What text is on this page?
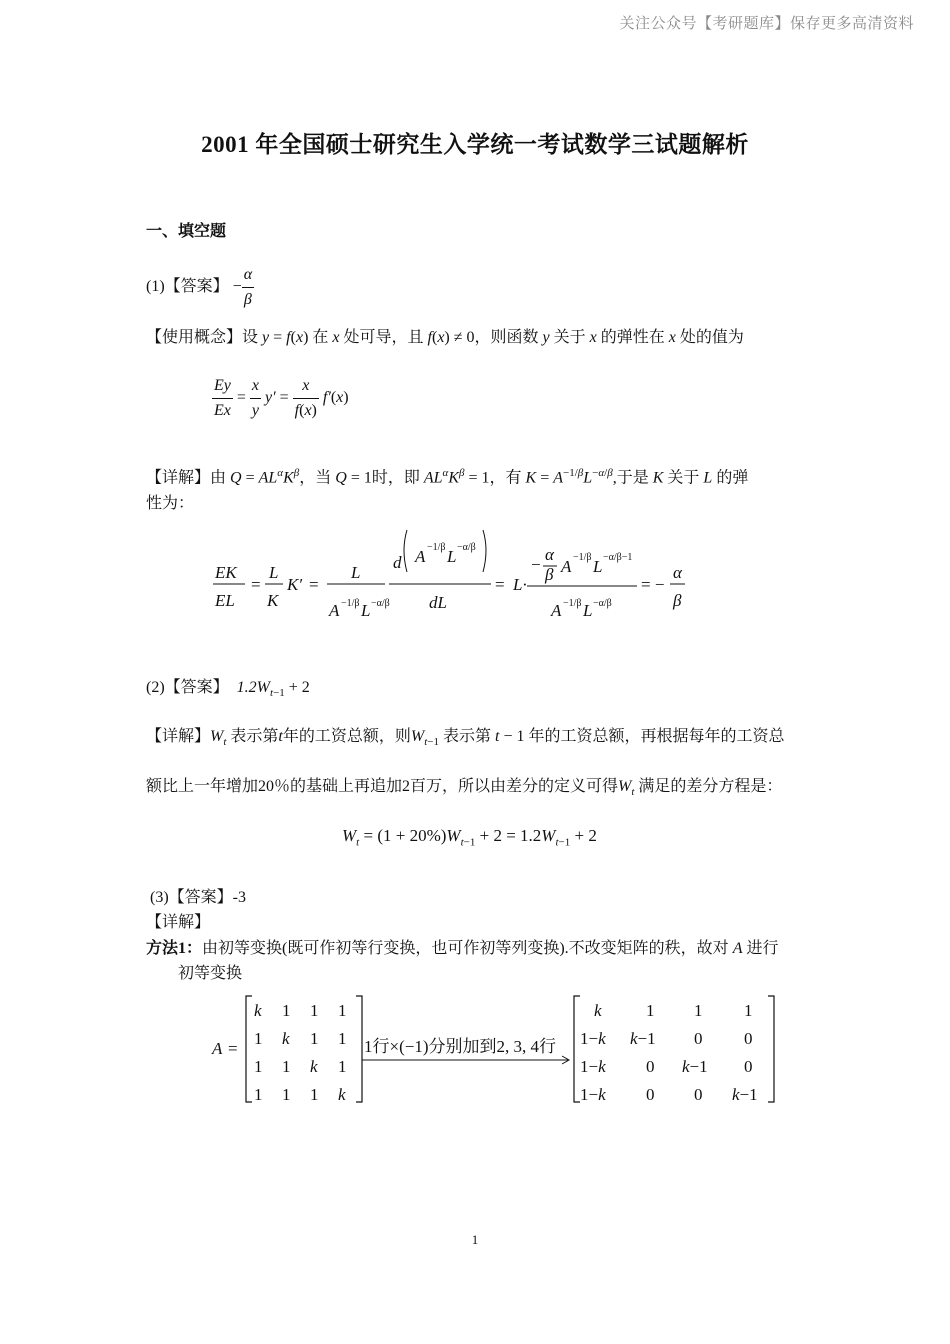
关注公众号【考研题库】保存更多高清资料
2001 年全国硕士研究生入学统一考试数学三试题解析
一、填空题
(1)【答案】 − $\frac{\alpha}{\beta}$
【使用概念】设 y = f(x) 在 x 处可导，且 f(x) ≠ 0，则函数 y 关于 x 的弹性在 x 处的值为
$\frac{Ey}{Ex} = \frac{x}{y} y' = \frac{x}{f(x)} f'(x)$
【详解】由 $Q = AL^\alpha K^\beta$，当 Q = 1时，即 $AL^\alpha K^\beta = 1$，有 $K = A^{-1/\beta}L^{-\alpha/\beta}$,于是 K 关于 L 的弹
性为：
EK
EL
=
L
K
K′ =
L
A −1/β L −α/β
d A −1/β L −α/β
dL
= L·
−
α
β A −1/β L −α/β−1
A −1/β L −α/β
= −
α
β
(2)【答案】 $1.2W_{t-1} + 2$
【详解】$W_t$ 表示第t年的工资总额，则$W_{t-1}$ 表示第 t − 1 年的工资总额，再根据每年的工资总
额比上一年增加20％的基础上再追加2百万，所以由差分的定义可得$W_t$ 满足的差分方程是：
$W_t = (1 + 20\%)W_{t-1} + 2 = 1.2W_{t-1} + 2$
(3)【答案】-3
【详解】
方法1：由初等变换(既可作初等行变换，也可作初等列变换).不改变矩阵的秩，故对 A 进行
初等变换
A =
k 1 1 1
1 k 1 1
1 1 k 1
1 1 1 k
1行×(−1)分别加到2, 3, 4行
k	1 1 1
1−k k−1 0 0
1−k 0 k−1 0
1−k 0 0 k−1
1
